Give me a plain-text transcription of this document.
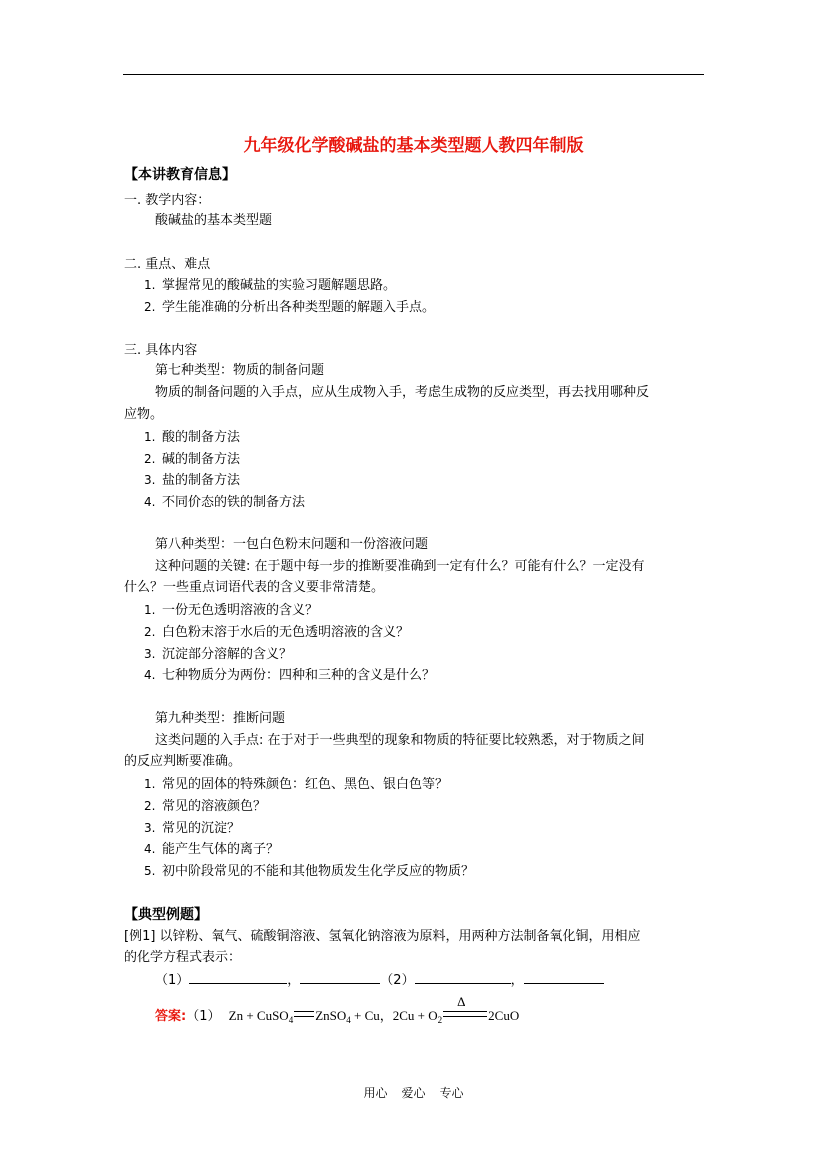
九年级化学酸碱盐的基本类型题人教四年制版
【本讲教育信息】
一. 教学内容：
酸碱盐的基本类型题
二. 重点、难点
1. 掌握常见的酸碱盐的实验习题解题思路。
2. 学生能准确的分析出各种类型题的解题入手点。
三. 具体内容
第七种类型：物质的制备问题
物质的制备问题的入手点，应从生成物入手，考虑生成物的反应类型，再去找用哪种反
应物。
1. 酸的制备方法
2. 碱的制备方法
3. 盐的制备方法
4. 不同价态的铁的制备方法
第八种类型：一包白色粉末问题和一份溶液问题
这种问题的关键: 在于题中每一步的推断要准确到一定有什么？可能有什么？一定没有
什么？一些重点词语代表的含义要非常清楚。
1. 一份无色透明溶液的含义？
2. 白色粉末溶于水后的无色透明溶液的含义？
3. 沉淀部分溶解的含义？
4. 七种物质分为两份：四种和三种的含义是什么？
第九种类型：推断问题
这类问题的入手点: 在于对于一些典型的现象和物质的特征要比较熟悉，对于物质之间
的反应判断要准确。
1. 常见的固体的特殊颜色：红色、黑色、银白色等？
2. 常见的溶液颜色？
3. 常见的沉淀？
4. 能产生气体的离子？
5. 初中阶段常见的不能和其他物质发生化学反应的物质？
【典型例题】
[例1] 以锌粉、氧气、硫酸铜溶液、氢氧化钠溶液为原料，用两种方法制备氧化铜，用相应
的化学方程式表示：
（1）	，	（2）	，
答案:（1） Zn + CuSO$_4$ ZnSO$_4$ + Cu，$2Cu + O_2$
Δ
2CuO
用心 爱心 专心
